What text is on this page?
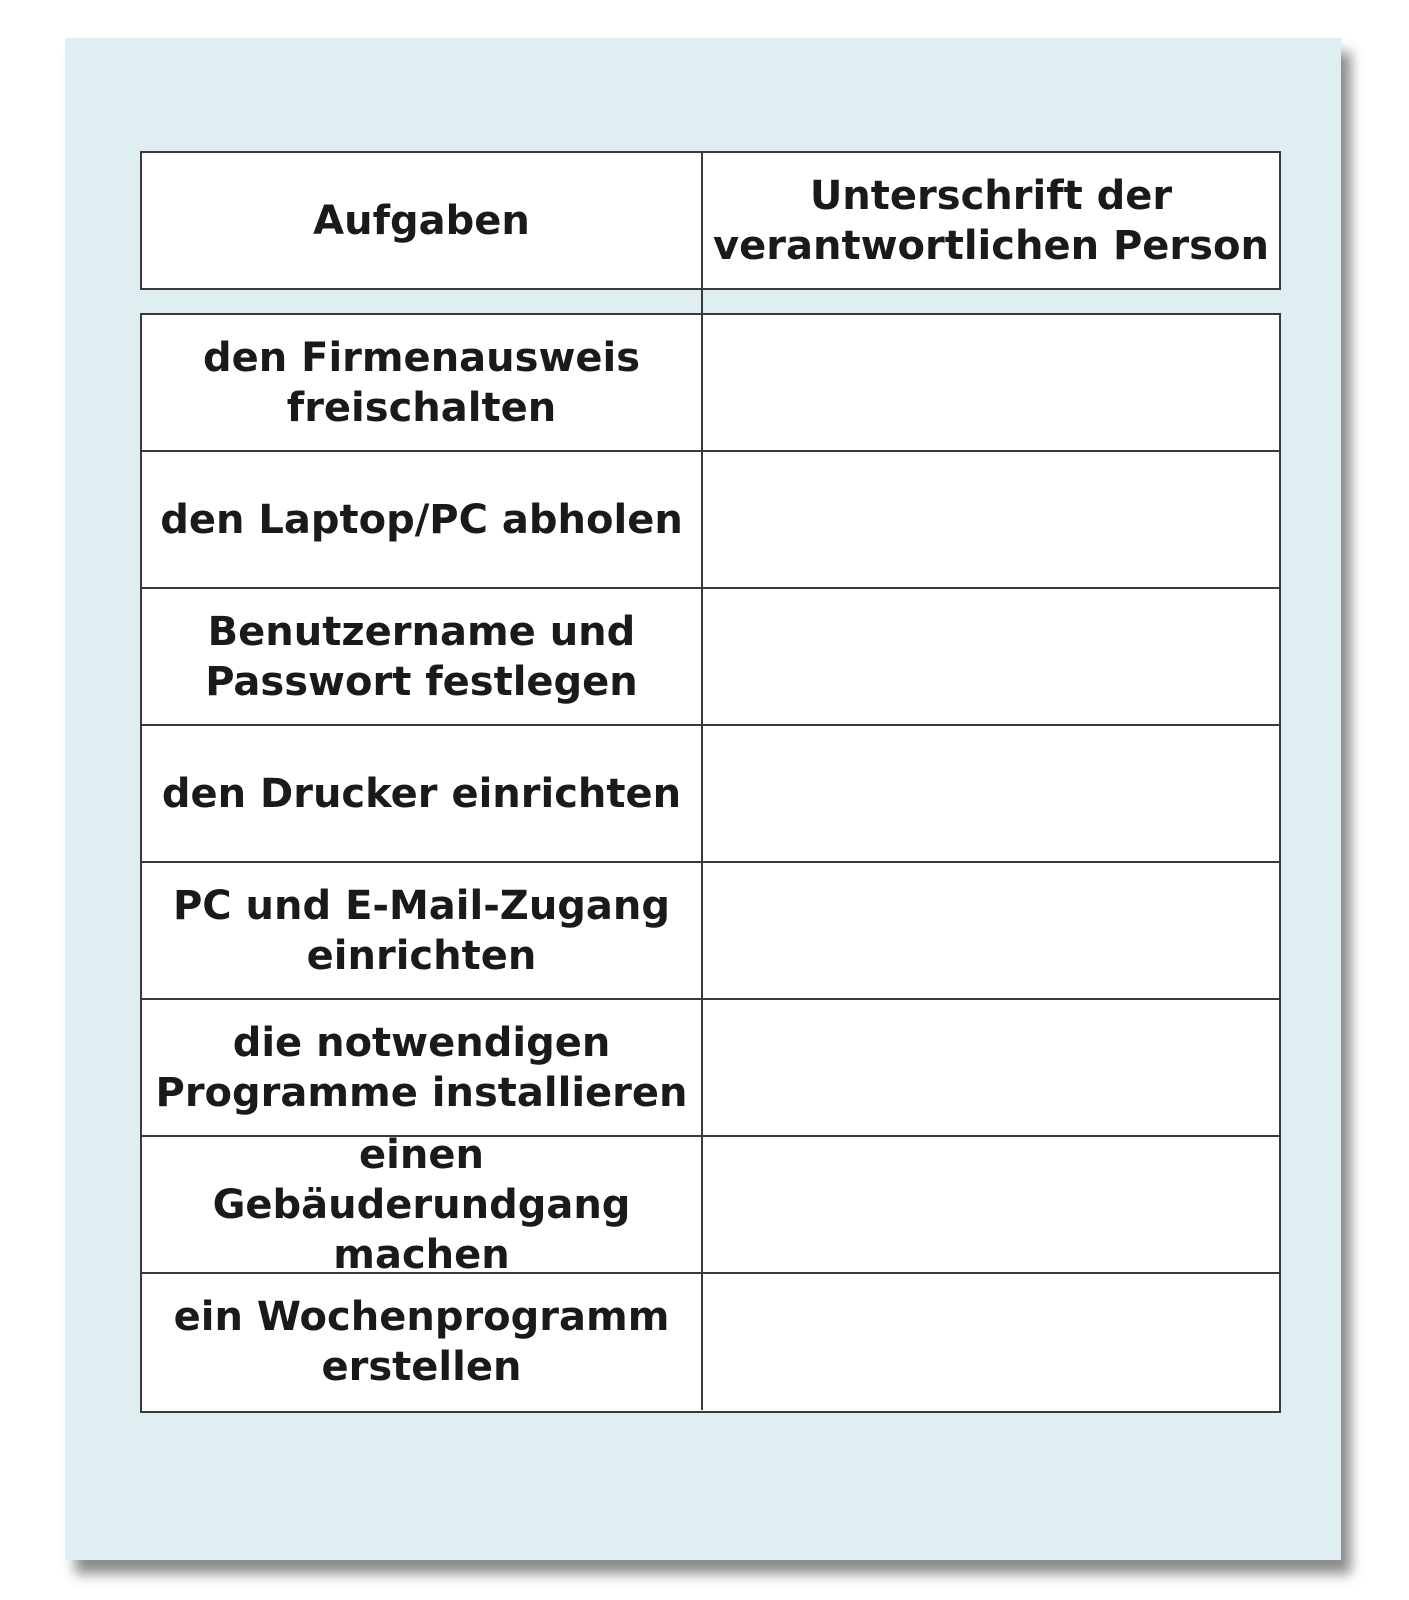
Aufgaben
Unterschrift der
verantwortlichen Person
den Firmenausweis
freischalten
den Laptop/PC abholen
Benutzername und
Passwort festlegen
den Drucker einrichten
PC und E-Mail-Zugang
einrichten
die notwendigen
Programme installieren
einen Gebäuderundgang
machen
ein Wochenprogramm
erstellen
